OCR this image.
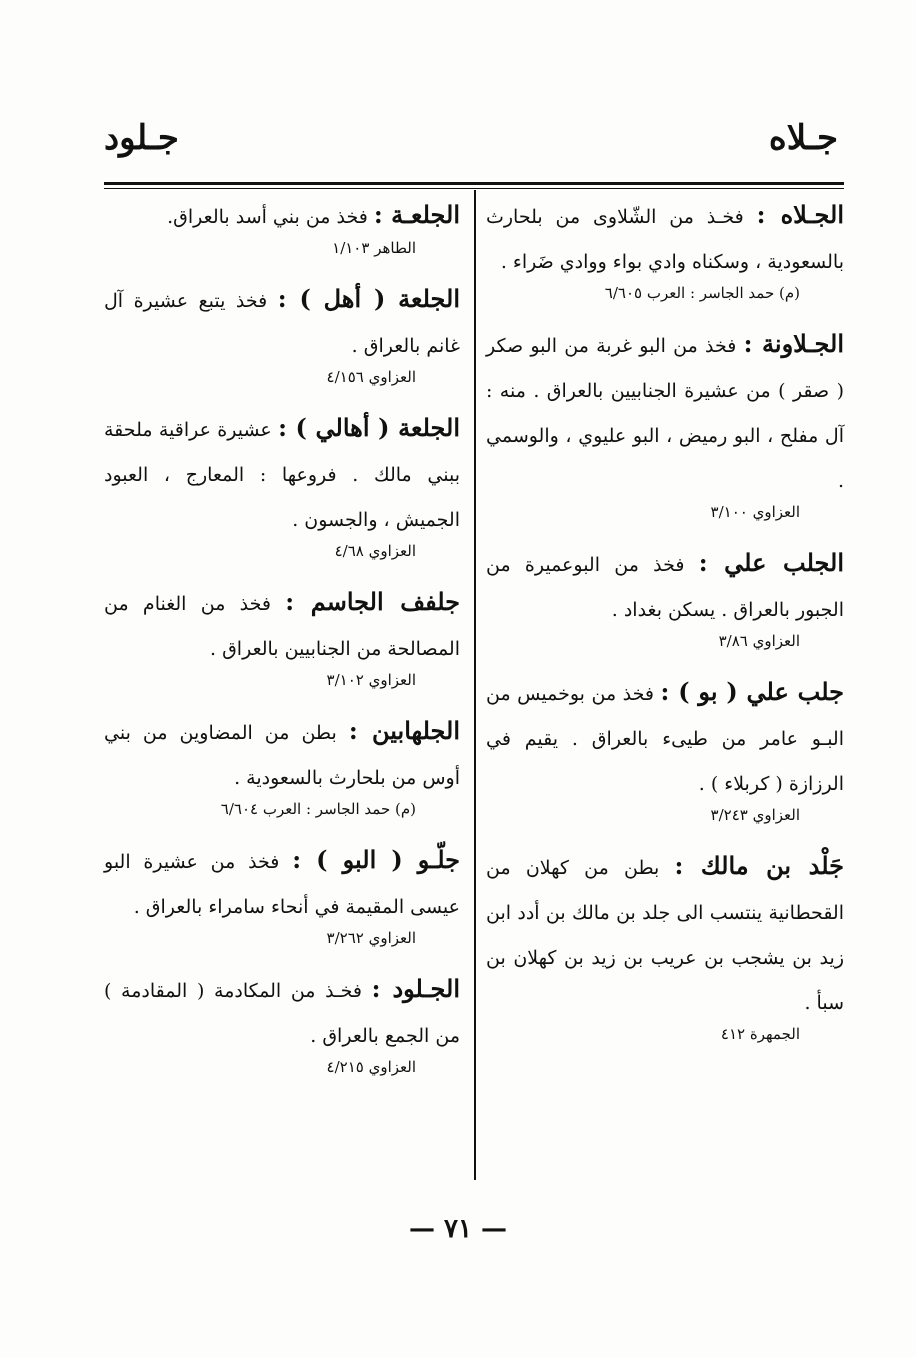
جـلاه
جـلود
الجـلاه : فخـذ من الشّلاوى من بلحارث بالسعودية ، وسكناه وادي بواء ووادي ضَراء .
(م) حمد الجاسر : العرب ٦/٦٠٥
الجـلاونة : فخذ من البو غربة من البو صكر ( صقر ) من عشيرة الجنابيين بالعراق . منه : آل مفلح ، البو رميض ، البو عليوي ، والوسمي .
العزاوي ٣/١٠٠
الجلب علي : فخذ من البوعميرة من الجبور بالعراق . يسكن بغداد .
العزاوي ٣/٨٦
جلب علي ( بو ) : فخذ من بوخميس من البـو عامر من طيىء بالعراق . يقيم في الرزازة ( كربلاء ) .
العزاوي ٣/٢٤٣
جَلْد بن مالك : بطن من كهلان من القحطانية ينتسب الى جلد بن مالك بن أدد ابن زيد بن يشجب بن عريب بن زيد بن كهلان بن سبأ .
الجمهرة ٤١٢
الجلعـة : فخذ من بني أسد بالعراق.
الطاهر ١/١٠٣
الجلعة ( أهل ) : فخذ يتبع عشيرة آل غانم بالعراق .
العزاوي ٤/١٥٦
الجلعة ( أهالي ) : عشيرة عراقية ملحقة ببني مالك . فروعها : المعارج ، العبود الجميش ، والجسون .
العزاوي ٤/٦٨
جلفف الجاسم : فخذ من الغنام من المصالحة من الجنابيين بالعراق .
العزاوي ٣/١٠٢
الجلهابين : بطن من المضاوين من بني أوس من بلحارث بالسعودية .
(م) حمد الجاسر : العرب ٦/٦٠٤
جلّـو ( البو ) : فخذ من عشيرة البو عيسى المقيمة في أنحاء سامراء بالعراق .
العزاوي ٣/٢٦٢
الجـلود : فخـذ من المكادمة ( المقادمة ) من الجمع بالعراق .
العزاوي ٤/٢١٥
— ٧١ —
